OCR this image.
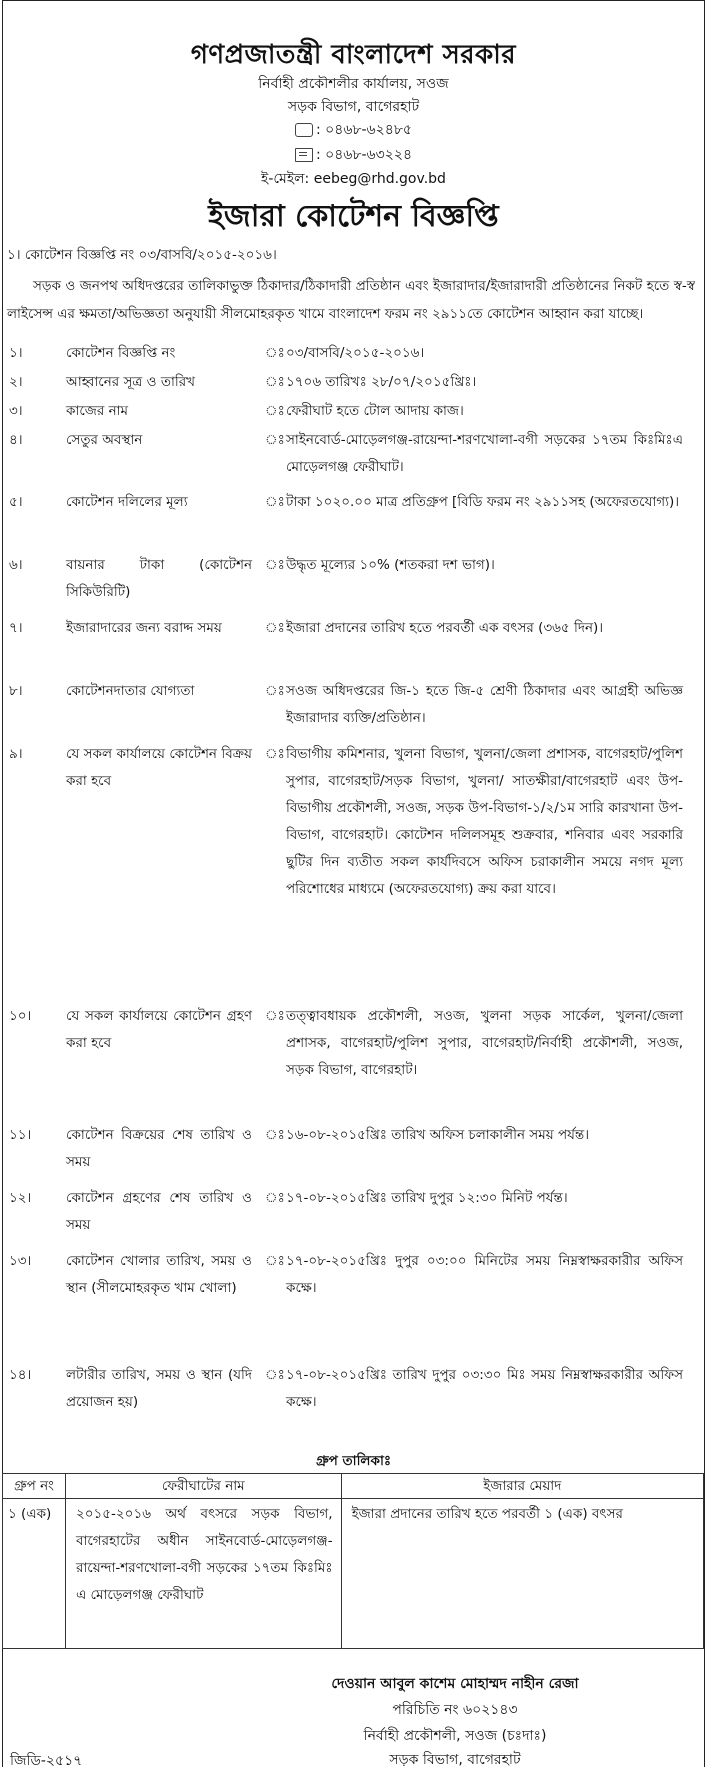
গণপ্রজাতন্ত্রী বাংলাদেশ সরকার
নির্বাহী প্রকৌশলীর কার্যালয়, সওজ
সড়ক বিভাগ, বাগেরহাট
: ০৪৬৮-৬২৪৮৫
: ০৪৬৮-৬৩২২৪
ই-মেইল: eebeg@rhd.gov.bd
ইজারা কোটেশন বিজ্ঞপ্তি
১। কোটেশন বিজ্ঞপ্তি নং ০৩/বাসবি/২০১৫-২০১৬।
সড়ক ও জনপথ অধিদপ্তরের তালিকাভুক্ত ঠিকাদার/ঠিকাদারী প্রতিষ্ঠান এবং ইজারাদার/ইজারাদারী প্রতিষ্ঠানের নিকট হতে স্ব-স্ব লাইসেন্স এর ক্ষমতা/অভিজ্ঞতা অনুযায়ী সীলমোহরকৃত খামে বাংলাদেশ ফরম নং ২৯১১তে কোটেশন আহ্বান করা যাচ্ছে।
১।	কোটেশন বিজ্ঞপ্তি নং	ঃ ০৩/বাসবি/২০১৫-২০১৬।
২।	আহ্বানের সূত্র ও তারিখ	ঃ ১৭০৬ তারিখঃ ২৮/০৭/২০১৫খ্রিঃ।
৩।	কাজের নাম	ঃ ফেরীঘাট হতে টোল আদায় কাজ।
৪।	সেতুর অবস্থান	ঃ সাইনবোর্ড-মোড়েলগঞ্জ-রায়েন্দা-শরণখোলা-বগী সড়কের ১৭তম কিঃমিঃএ মোড়েলগঞ্জ ফেরীঘাট।
৫।	কোটেশন দলিলের মূল্য	ঃ টাকা ১০২০.০০ মাত্র প্রতিগ্রুপ [বিডি ফরম নং ২৯১১সহ (অফেরতযোগ্য)।
৬।	বায়নার টাকা (কোটেশন সিকিউরিটি)
ঃ উদ্ধৃত মূল্যের ১০% (শতকরা দশ ভাগ)।
৭।	ইজারাদারের জন্য বরাদ্দ সময়	ঃ ইজারা প্রদানের তারিখ হতে পরবর্তী এক বৎসর (৩৬৫ দিন)।
৮।	কোটেশনদাতার যোগ্যতা	ঃ সওজ অধিদপ্তরের জি-১ হতে জি-৫ শ্রেণী ঠিকাদার এবং আগ্রহী অভিজ্ঞ ইজারাদার ব্যক্তি/প্রতিষ্ঠান।
৯।	যে সকল কার্যালয়ে কোটেশন বিক্রয় করা হবে
ঃ বিভাগীয় কমিশনার, খুলনা বিভাগ, খুলনা/জেলা প্রশাসক, বাগেরহাট/পুলিশ সুপার, বাগেরহাট/সড়ক বিভাগ, খুলনা/ সাতক্ষীরা/বাগেরহাট এবং উপ-বিভাগীয় প্রকৌশলী, সওজ, সড়ক উপ-বিভাগ-১/২/১ম সারি কারখানা উপ-বিভাগ, বাগেরহাট। কোটেশন দলিলসমূহ শুক্রবার, শনিবার এবং সরকারি ছুটির দিন ব্যতীত সকল কার্যদিবসে অফিস চরাকালীন সময়ে নগদ মূল্য পরিশোধের মাধ্যমে (অফেরতযোগ্য) ক্রয় করা যাবে।
১০।	যে সকল কার্যালয়ে কোটেশন গ্রহণ করা হবে
ঃ তত্ত্বাবধায়ক প্রকৌশলী, সওজ, খুলনা সড়ক সার্কেল, খুলনা/জেলা প্রশাসক, বাগেরহাট/পুলিশ সুপার, বাগেরহাট/নির্বাহী প্রকৌশলী, সওজ, সড়ক বিভাগ, বাগেরহাট।
১১।	কোটেশন বিক্রয়ের শেষ তারিখ ও সময়
ঃ ১৬-০৮-২০১৫খ্রিঃ তারিখ অফিস চলাকালীন সময় পর্যন্ত।
১২।	কোটেশন গ্রহণের শেষ তারিখ ও সময়
ঃ ১৭-০৮-২০১৫খ্রিঃ তারিখ দুপুর ১২:৩০ মিনিট পর্যন্ত।
১৩।	কোটেশন খোলার তারিখ, সময় ও স্থান (সীলমোহরকৃত খাম খোলা)
ঃ ১৭-০৮-২০১৫খ্রিঃ দুপুর ০৩:০০ মিনিটের সময় নিম্নস্বাক্ষরকারীর অফিস কক্ষে।
১৪।	লটারীর তারিখ, সময় ও স্থান (যদি প্রয়োজন হয়)
ঃ ১৭-০৮-২০১৫খ্রিঃ তারিখ দুপুর ০৩:৩০ মিঃ সময় নিম্নস্বাক্ষরকারীর অফিস কক্ষে।
গ্রুপ তালিকাঃ
গ্রুপ নং	ফেরীঘাটের নাম	ইজারার মেয়াদ
১ (এক)	২০১৫-২০১৬ অর্থ বৎসরে সড়ক বিভাগ, বাগেরহাটের অধীন সাইনবোর্ড-মোড়েলগঞ্জ-রায়েন্দা-শরণখোলা-বগী সড়কের ১৭তম কিঃমিঃ এ মোড়েলগঞ্জ ফেরীঘাট	ইজারা প্রদানের তারিখ হতে পরবর্তী ১ (এক) বৎসর
দেওয়ান আবুল কাশেম মোহাম্মদ নাহীন রেজা
পরিচিতি নং ৬০২১৪৩
নির্বাহী প্রকৌশলী, সওজ (চঃদাঃ)
সড়ক বিভাগ, বাগেরহাট
জিডি-২৫১৭
